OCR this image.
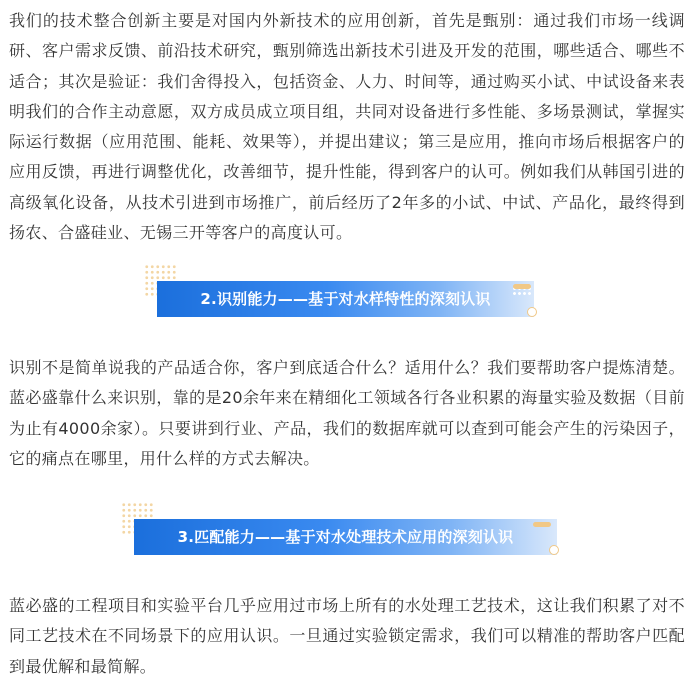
我们的技术整合创新主要是对国内外新技术的应用创新，首先是甄别：通过我们市场一线调研、客户需求反馈、前沿技术研究，甄别筛选出新技术引进及开发的范围，哪些适合、哪些不适合；其次是验证：我们舍得投入，包括资金、人力、时间等，通过购买小试、中试设备来表明我们的合作主动意愿，双方成员成立项目组，共同对设备进行多性能、多场景测试，掌握实际运行数据（应用范围、能耗、效果等），并提出建议；第三是应用，推向市场后根据客户的应用反馈，再进行调整优化，改善细节，提升性能，得到客户的认可。例如我们从韩国引进的高级氧化设备，从技术引进到市场推广，前后经历了2年多的小试、中试、产品化，最终得到扬农、合盛硅业、无锡三开等客户的高度认可。

2.识别能力——基于对水样特性的深刻认识

识别不是简单说我的产品适合你，客户到底适合什么？适用什么？我们要帮助客户提炼清楚。蓝必盛靠什么来识别，靠的是20余年来在精细化工领域各行各业积累的海量实验及数据（目前为止有4000余家）。只要讲到行业、产品，我们的数据库就可以查到可能会产生的污染因子，它的痛点在哪里，用什么样的方式去解决。

3.匹配能力——基于对水处理技术应用的深刻认识

蓝必盛的工程项目和实验平台几乎应用过市场上所有的水处理工艺技术，这让我们积累了对不同工艺技术在不同场景下的应用认识。一旦通过实验锁定需求，我们可以精准的帮助客户匹配到最优解和最简解。
